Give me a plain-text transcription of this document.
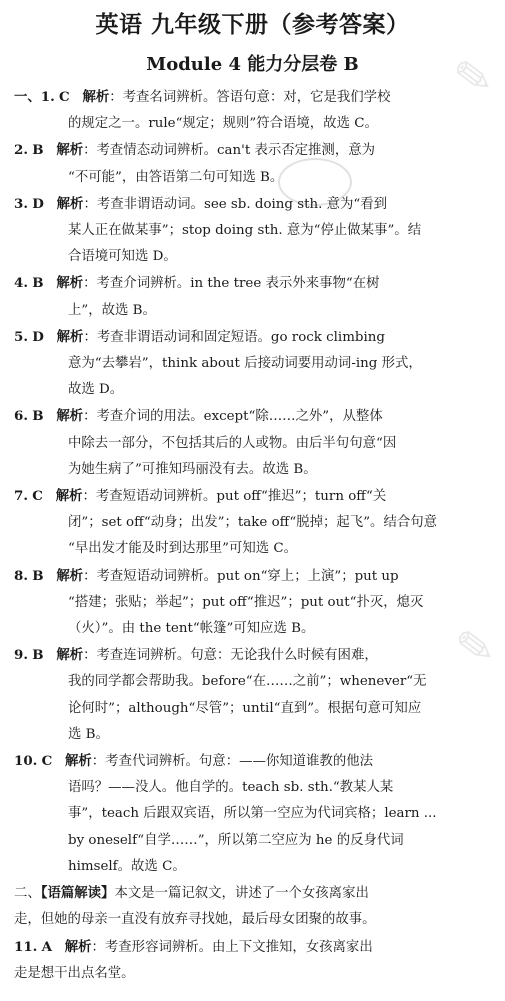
✎
✎
英语 九年级下册（参考答案）
Module 4 能力分层卷 B
一、1. C 解析：考查名词辨析。答语句意：对，它是我们学校
的规定之一。rule“规定；规则”符合语境，故选 C。
2. B 解析：考查情态动词辨析。can't 表示否定推测，意为
“不可能”，由答语第二句可知选 B。
3. D 解析：考查非谓语动词。see sb. doing sth. 意为“看到
某人正在做某事”；stop doing sth. 意为“停止做某事”。结
合语境可知选 D。
4. B 解析：考查介词辨析。in the tree 表示外来事物“在树
上”，故选 B。
5. D 解析：考查非谓语动词和固定短语。go rock climbing
意为“去攀岩”，think about 后接动词要用动词-ing 形式，
故选 D。
6. B 解析：考查介词的用法。except“除……之外”，从整体
中除去一部分，不包括其后的人或物。由后半句句意“因
为她生病了”可推知玛丽没有去。故选 B。
7. C 解析：考查短语动词辨析。put off“推迟”；turn off“关
闭”；set off“动身；出发”；take off“脱掉；起飞”。结合句意
“早出发才能及时到达那里”可知选 C。
8. B 解析：考查短语动词辨析。put on“穿上；上演”；put up
“搭建；张贴；举起”；put off“推迟”；put out“扑灭，熄灭
（火）”。由 the tent“帐篷”可知应选 B。
9. B 解析：考查连词辨析。句意：无论我什么时候有困难，
我的同学都会帮助我。before“在……之前”；whenever“无
论何时”；although“尽管”；until“直到”。根据句意可知应
选 B。
10. C 解析：考查代词辨析。句意：——你知道谁教的他法
语吗？——没人。他自学的。teach sb. sth.“教某人某
事”，teach 后跟双宾语，所以第一空应为代词宾格；learn ...
by oneself“自学……”，所以第二空应为 he 的反身代词
himself。故选 C。
二、【语篇解读】本文是一篇记叙文，讲述了一个女孩离家出
走，但她的母亲一直没有放弃寻找她，最后母女团聚的故事。
11. A 解析：考查形容词辨析。由上下文推知，女孩离家出
走是想干出点名堂。
